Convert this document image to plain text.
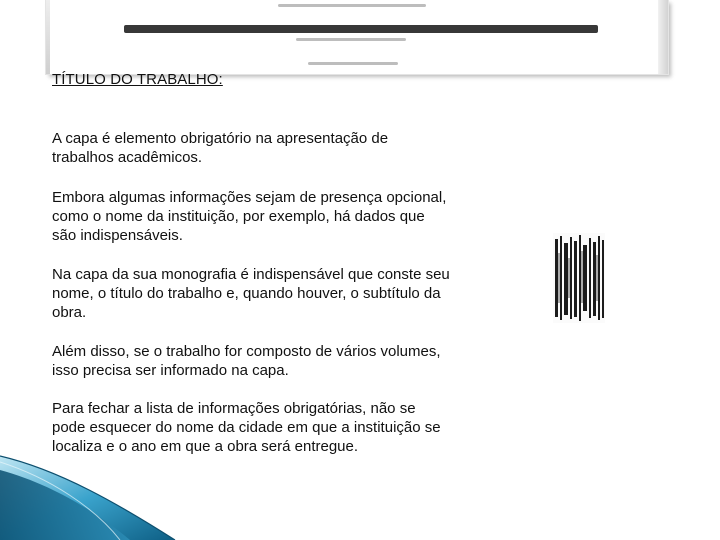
TÍTULO DO TRABALHO:
A capa é elemento obrigatório na apresentação de trabalhos acadêmicos.
Embora algumas informações sejam de presença opcional, como o nome da instituição, por exemplo, há dados que são indispensáveis.
Na capa da sua monografia é indispensável que conste seu nome, o título do trabalho e, quando houver, o subtítulo da obra.
Além disso, se o trabalho for composto de vários volumes, isso precisa ser informado na capa.
Para fechar a lista de informações obrigatórias, não se pode esquecer do nome da cidade em que a instituição se localiza e o ano em que a obra será entregue.
